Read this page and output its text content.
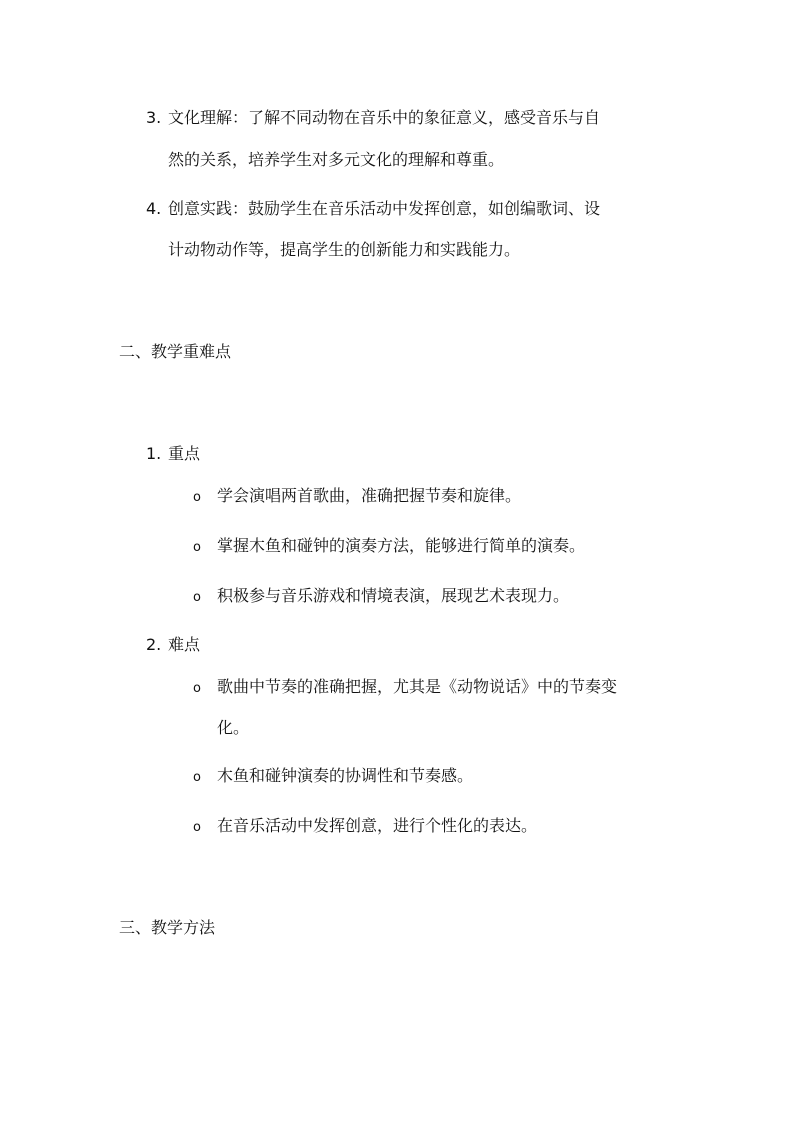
3. 文化理解：了解不同动物在音乐中的象征意义，感受音乐与自
然的关系，培养学生对多元文化的理解和尊重。
4. 创意实践：鼓励学生在音乐活动中发挥创意，如创编歌词、设
计动物动作等，提高学生的创新能力和实践能力。
二、教学重难点
1. 重点
o 学会演唱两首歌曲，准确把握节奏和旋律。
o 掌握木鱼和碰钟的演奏方法，能够进行简单的演奏。
o 积极参与音乐游戏和情境表演，展现艺术表现力。
2. 难点
o 歌曲中节奏的准确把握，尤其是《动物说话》中的节奏变
化。
o 木鱼和碰钟演奏的协调性和节奏感。
o 在音乐活动中发挥创意，进行个性化的表达。
三、教学方法
